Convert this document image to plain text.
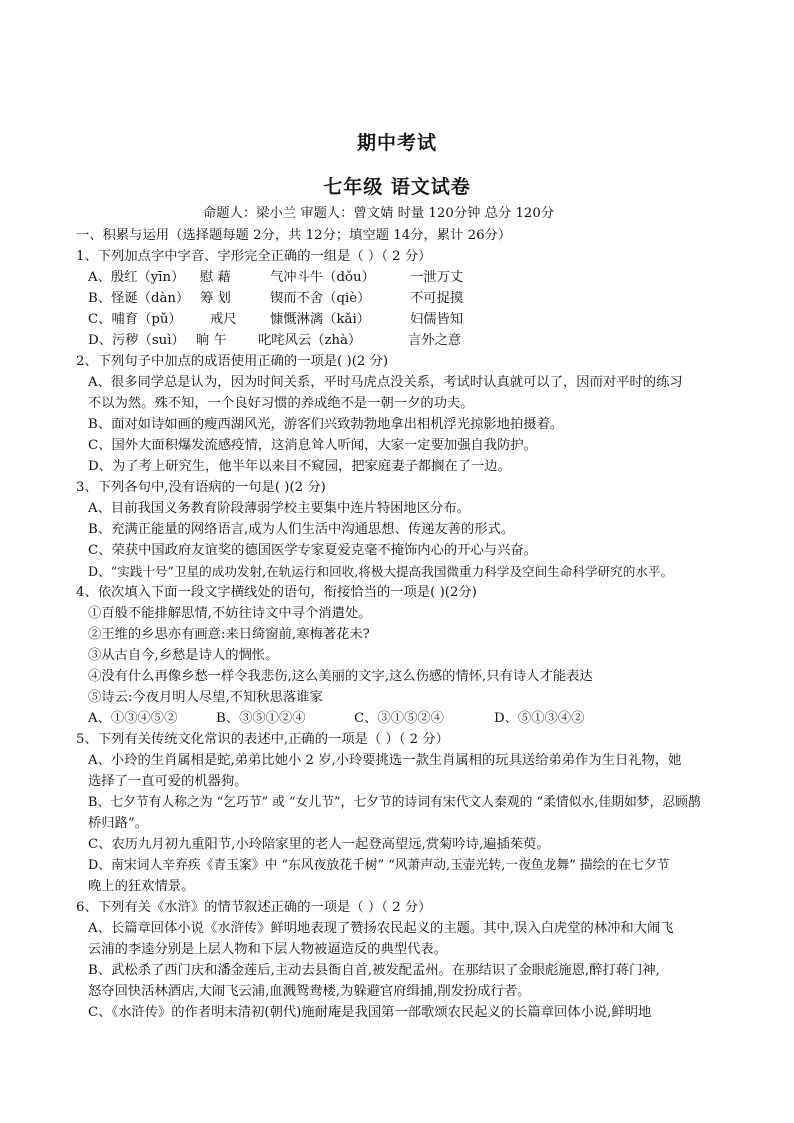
期中考试
七年级 语文试卷
命题人：梁小兰 审题人：曾文婧 时量 120分钟 总分 120分
一、积累与运用（选择题每题 2分，共 12分；填空题 14分，累计 26分）
1、下列加点字中字音、字形完全正确的一组是（ ）（ 2 分）
A、殷红（yīn） 慰 藉	气冲斗牛（dǒu）	一泄万丈
B、怪诞（dàn） 筹 划	锲而不舍（qiè）	不可捉摸
C、哺育（pǔ） 戒尺	慷慨淋漓（kǎi）	妇儒皆知
D、污秽（suì） 晌 午 叱咤风云（zhà）	言外之意
2、下列句子中加点的成语使用正确的一项是( )(2 分)
A、很多同学总是认为，因为时间关系，平时马虎点没关系，考试时认真就可以了，因而对平时的练习
不以为然。殊不知，一个良好习惯的养成绝不是一朝一夕的功夫。
B、面对如诗如画的瘦西湖风光，游客们兴致勃勃地拿出相机浮光掠影地拍摄着。
C、国外大面积爆发流感疫情，这消息耸人听闻，大家一定要加强自我防护。
D、为了考上研究生，他半年以来目不窥园，把家庭妻子都搁在了一边。
3、下列各句中,没有语病的一句是( )(2 分)
A、目前我国义务教育阶段薄弱学校主要集中连片特困地区分布。
B、充满正能量的网络语言,成为人们生活中沟通思想、传递友善的形式。
C、荣获中国政府友谊奖的德国医学专家夏爱克毫不掩饰内心的开心与兴奋。
D、“实践十号”卫星的成功发射,在轨运行和回收,将极大提高我国微重力科学及空间生命科学研究的水平。
4、依次填入下面一段文字横线处的语句，衔接恰当的一项是( )(2分)
①百般不能排解思情,不妨往诗文中寻个消遣处。
②王维的乡思亦有画意:来日绮窗前,寒梅著花未?
③从古自今,乡愁是诗人的惆怅。
④没有什么再像乡愁一样令我悲伤,这么美丽的文字,这么伤感的情怀,只有诗人才能表达
⑤诗云:今夜月明人尽望,不知秋思落谁家
A、①③④⑤②	B、③⑤①②④	C、③①⑤②④	D、⑤①③④②
5、下列有关传统文化常识的表述中,正确的一项是（ ）（ 2 分）
A、小玲的生肖属相是蛇,弟弟比她小 2 岁,小玲要挑选一款生肖属相的玩具送给弟弟作为生日礼物，她
选择了一直可爱的机器狗。
B、七夕节有人称之为 “乞巧节” 或 “女儿节”，七夕节的诗词有宋代文人秦观的 “柔情似水,佳期如梦，忍顾鹊
桥归路”。
C、农历九月初九重阳节,小玲陪家里的老人一起登高望远,赏菊吟诗,遍插茱萸。
D、南宋词人辛弃疾《青玉案》中 “东风夜放花千树” “风萧声动,玉壶光转,一夜鱼龙舞” 描绘的在七夕节
晚上的狂欢情景。
6、下列有关《水浒》的情节叙述正确的一项是（ ）（ 2 分）
A、长篇章回体小说《水浒传》鲜明地表现了赞扬农民起义的主题。其中,误入白虎堂的林冲和大闹飞
云浦的李逵分别是上层人物和下层人物被逼造反的典型代表。
B、武松杀了西门庆和潘金莲后,主动去县衙自首,被发配孟州。在那结识了金眼彪施恩,醉打蒋门神,
怒夺回快活林酒店,大闹飞云浦,血溅鸳鸯楼,为躲避官府缉捕,削发扮成行者。
C、《水浒传》的作者明末清初(朝代)施耐庵是我国第一部歌颂农民起义的长篇章回体小说,鲜明地
